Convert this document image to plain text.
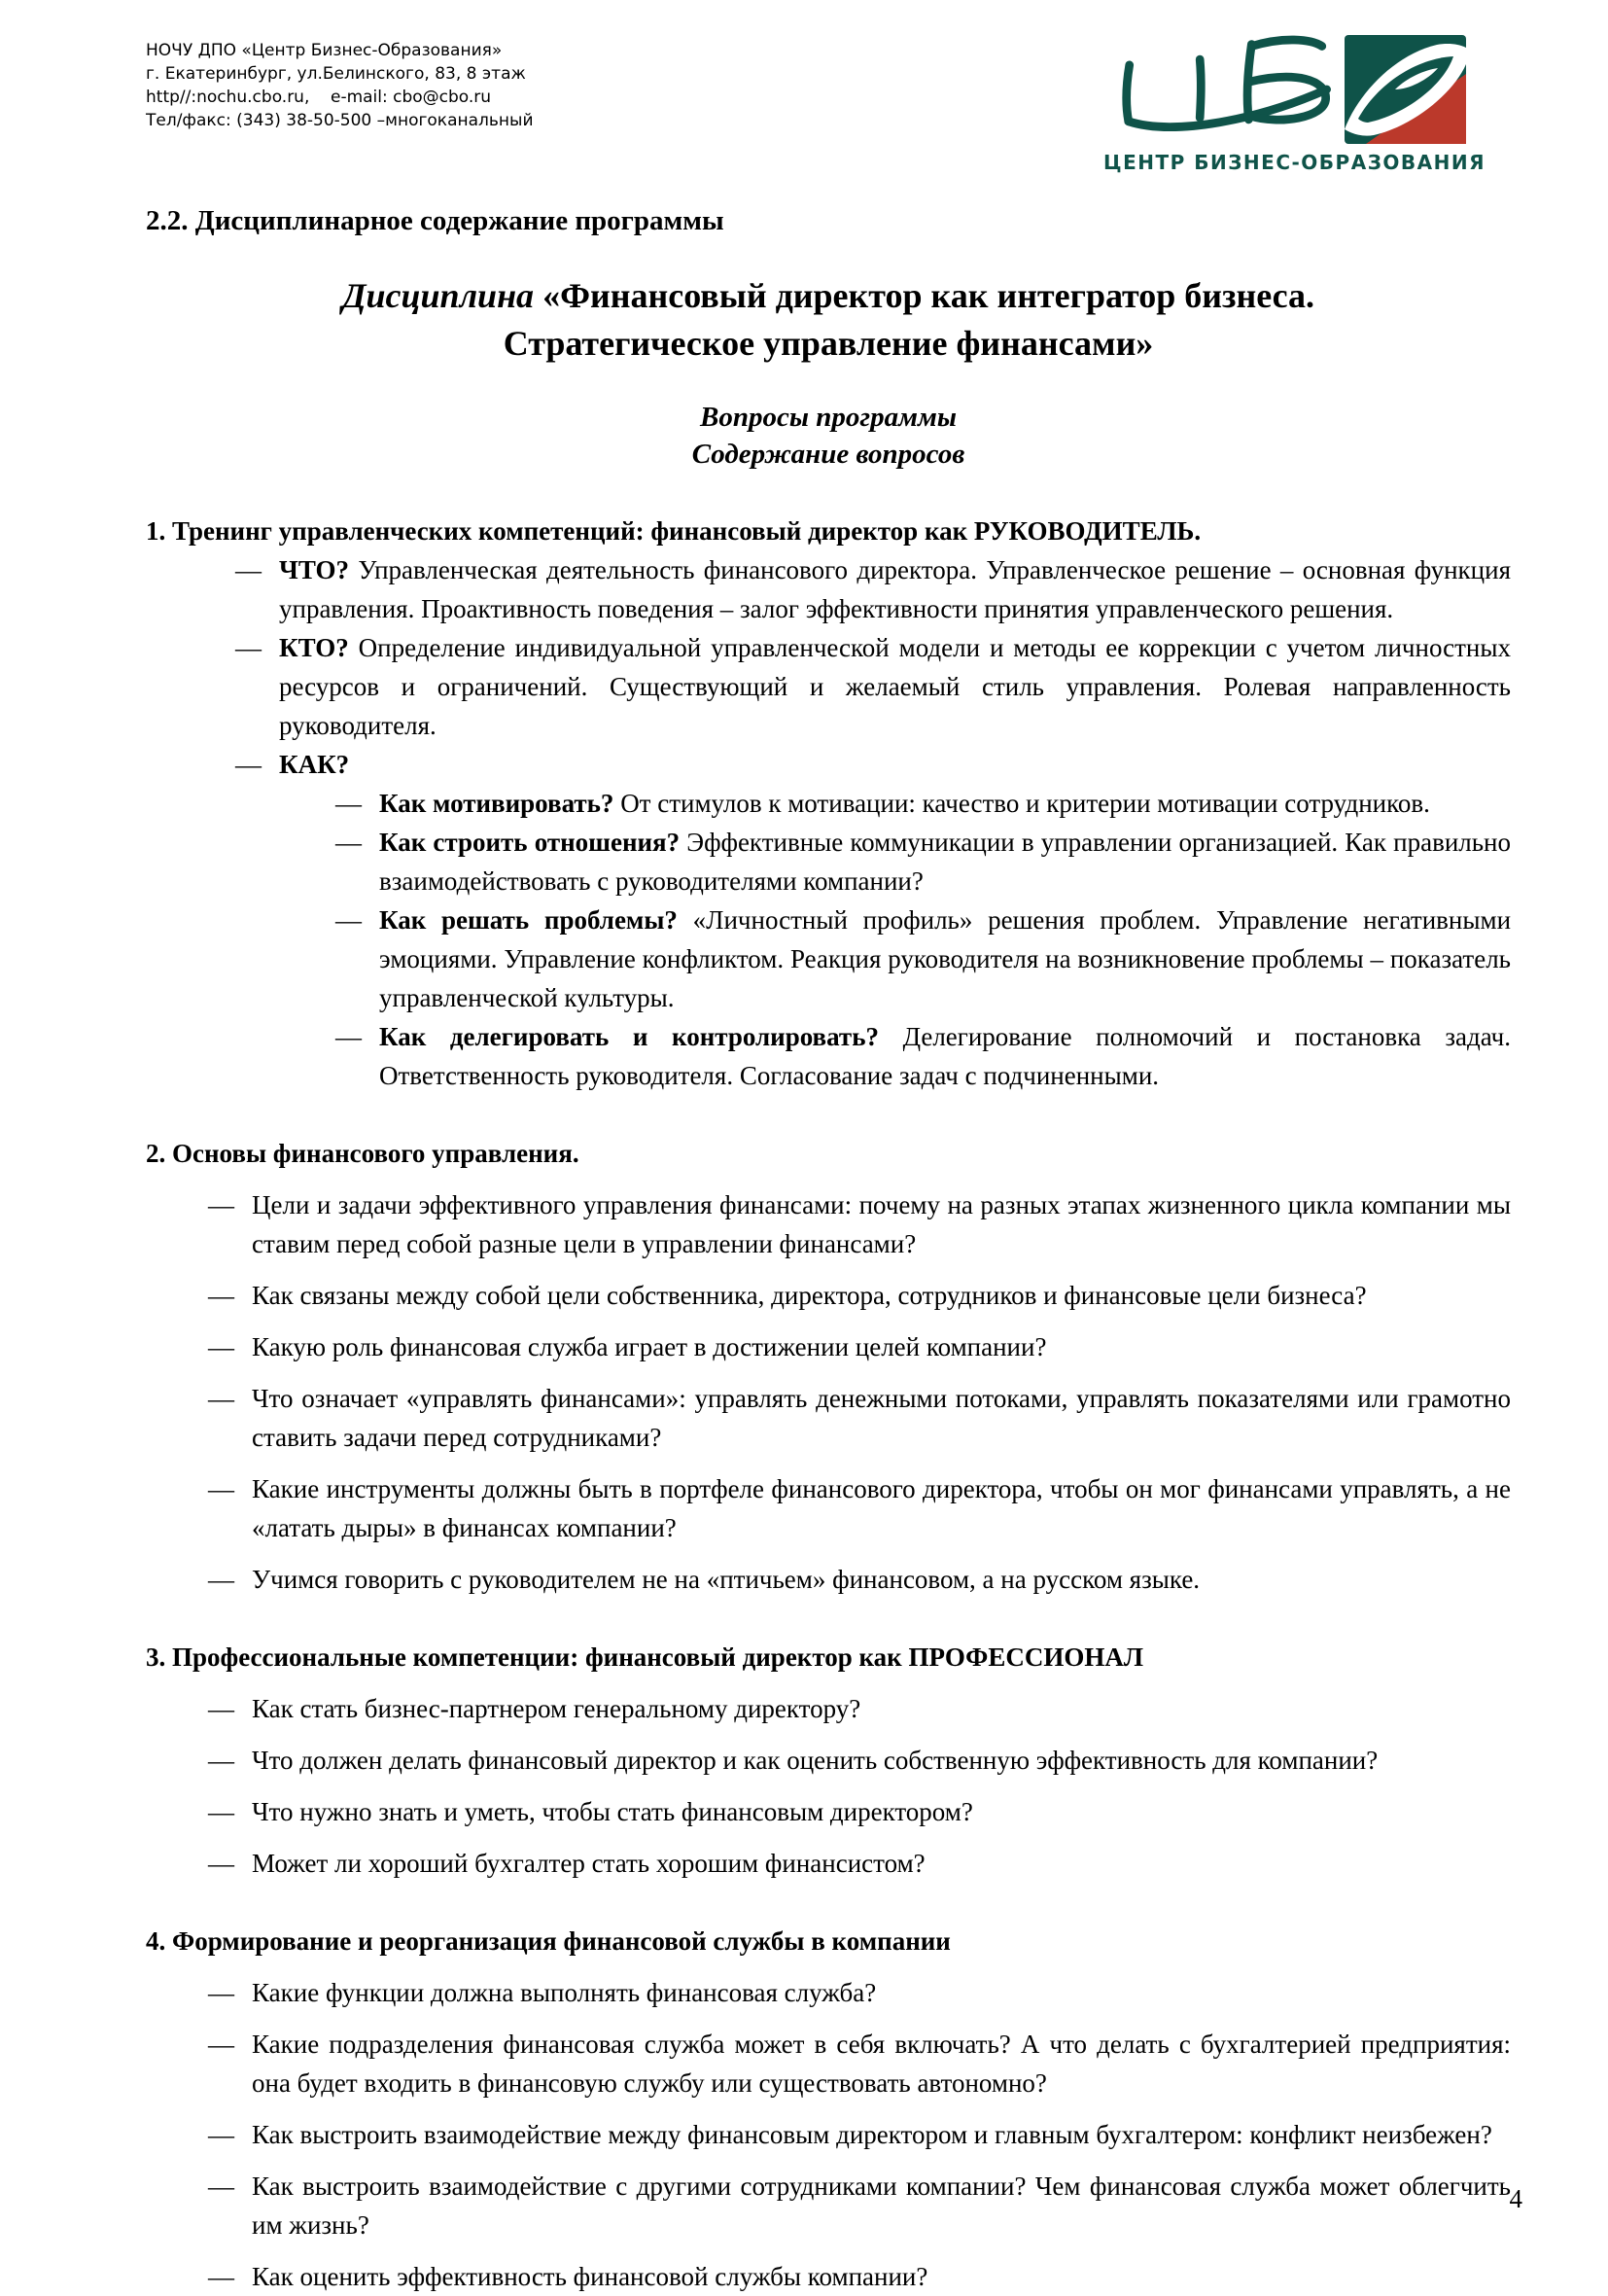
НОЧУ ДПО «Центр Бизнес-Образования»
г. Екатеринбург, ул.Белинского, 83, 8 этаж
http//:nochu.cbo.ru,    e-mail: cbo@cbo.ru
Тел/факс: (343) 38-50-500 –многоканальный
ЦЕНТР БИЗНЕС-ОБРАЗОВАНИЯ
2.2. Дисциплинарное содержание программы
Дисциплина «Финансовый директор как интегратор бизнеса.
Стратегическое управление финансами»
Вопросы программы
Содержание вопросов
1. Тренинг управленческих компетенций: финансовый директор как РУКОВОДИТЕЛЬ.
— ЧТО? Управленческая деятельность финансового директора. Управленческое решение – основная функция управления. Проактивность поведения – залог эффективности принятия управленческого решения.
— КТО? Определение индивидуальной управленческой модели и методы ее коррекции с учетом личностных ресурсов и ограничений. Существующий и желаемый стиль управления. Ролевая направленность руководителя.
— КАК?
— Как мотивировать? От стимулов к мотивации: качество и критерии мотивации сотрудников.
— Как строить отношения? Эффективные коммуникации в управлении организацией. Как правильно взаимодействовать с руководителями компании?
— Как решать проблемы? «Личностный профиль» решения проблем. Управление негативными эмоциями. Управление конфликтом. Реакция руководителя на возникновение проблемы – показатель управленческой культуры.
— Как делегировать и контролировать? Делегирование полномочий и постановка задач. Ответственность руководителя. Согласование задач с подчиненными.
2. Основы финансового управления.
— Цели и задачи эффективного управления финансами: почему на разных этапах жизненного цикла компании мы ставим перед собой разные цели в управлении финансами?
— Как связаны между собой цели собственника, директора, сотрудников и финансовые цели бизнеса?
— Какую роль финансовая служба играет в достижении целей компании?
— Что означает «управлять финансами»: управлять денежными потоками, управлять показателями или грамотно ставить задачи перед сотрудниками?
— Какие инструменты должны быть в портфеле финансового директора, чтобы он мог финансами управлять, а не «латать дыры» в финансах компании?
— Учимся говорить с руководителем не на «птичьем» финансовом, а на русском языке.
3. Профессиональные компетенции: финансовый директор как ПРОФЕССИОНАЛ
— Как стать бизнес-партнером генеральному директору?
— Что должен делать финансовый директор и как оценить собственную эффективность для компании?
— Что нужно знать и уметь, чтобы стать финансовым директором?
— Может ли хороший бухгалтер стать хорошим финансистом?
4. Формирование и реорганизация финансовой службы в компании
— Какие функции должна выполнять финансовая служба?
— Какие подразделения финансовая служба может в себя включать? А что делать с бухгалтерией предприятия: она будет входить в финансовую службу или существовать автономно?
— Как выстроить взаимодействие между финансовым директором и главным бухгалтером: конфликт неизбежен?
— Как выстроить взаимодействие с другими сотрудниками компании? Чем финансовая служба может облегчить им жизнь?
— Как оценить эффективность финансовой службы компании?
4
